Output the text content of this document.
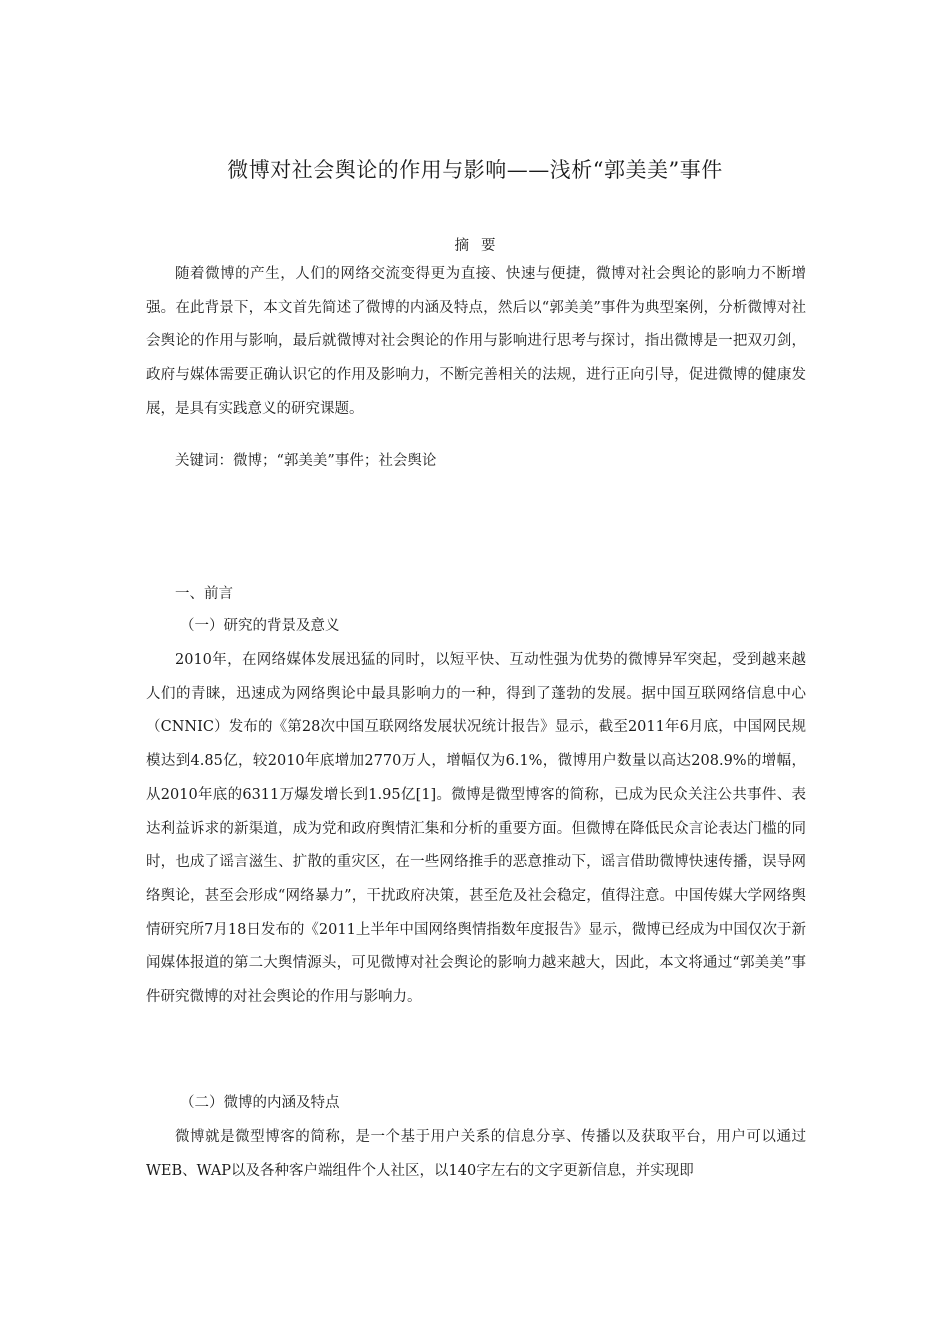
微博对社会舆论的作用与影响——浅析“郭美美”事件
摘要

随着微博的产生，人们的网络交流变得更为直接、快速与便捷，微博对社会舆论的影响力不断增强。在此背景下，本文首先简述了微博的内涵及特点，然后以“郭美美”事件为典型案例，分析微博对社会舆论的作用与影响，最后就微博对社会舆论的作用与影响进行思考与探讨，指出微博是一把双刃剑，政府与媒体需要正确认识它的作用及影响力，不断完善相关的法规，进行正向引导，促进微博的健康发展，是具有实践意义的研究课题。

关键词：微博；“郭美美”事件；社会舆论
一、前言
（一）研究的背景及意义

2010年，在网络媒体发展迅猛的同时，以短平快、互动性强为优势的微博异军突起，受到越来越人们的青睐，迅速成为网络舆论中最具影响力的一种，得到了蓬勃的发展。据中国互联网络信息中心（CNNIC）发布的《第28次中国互联网络发展状况统计报告》显示，截至2011年6月底，中国网民规模达到4.85亿，较2010年底增加2770万人，增幅仅为6.1%，微博用户数量以高达208.9%的增幅，从2010年底的6311万爆发增长到1.95亿[1]。微博是微型博客的简称，已成为民众关注公共事件、表达利益诉求的新渠道，成为党和政府舆情汇集和分析的重要方面。但微博在降低民众言论表达门槛的同时，也成了谣言滋生、扩散的重灾区，在一些网络推手的恶意推动下，谣言借助微博快速传播，误导网络舆论，甚至会形成“网络暴力”，干扰政府决策，甚至危及社会稳定，值得注意。中国传媒大学网络舆情研究所7月18日发布的《2011上半年中国网络舆情指数年度报告》显示，微博已经成为中国仅次于新闻媒体报道的第二大舆情源头，可见微博对社会舆论的影响力越来越大，因此，本文将通过“郭美美”事件研究微博的对社会舆论的作用与影响力。

（二）微博的内涵及特点

微博就是微型博客的简称，是一个基于用户关系的信息分享、传播以及获取平台，用户可以通过WEB、WAP以及各种客户端组件个人社区，以140字左右的文字更新信息，并实现即
